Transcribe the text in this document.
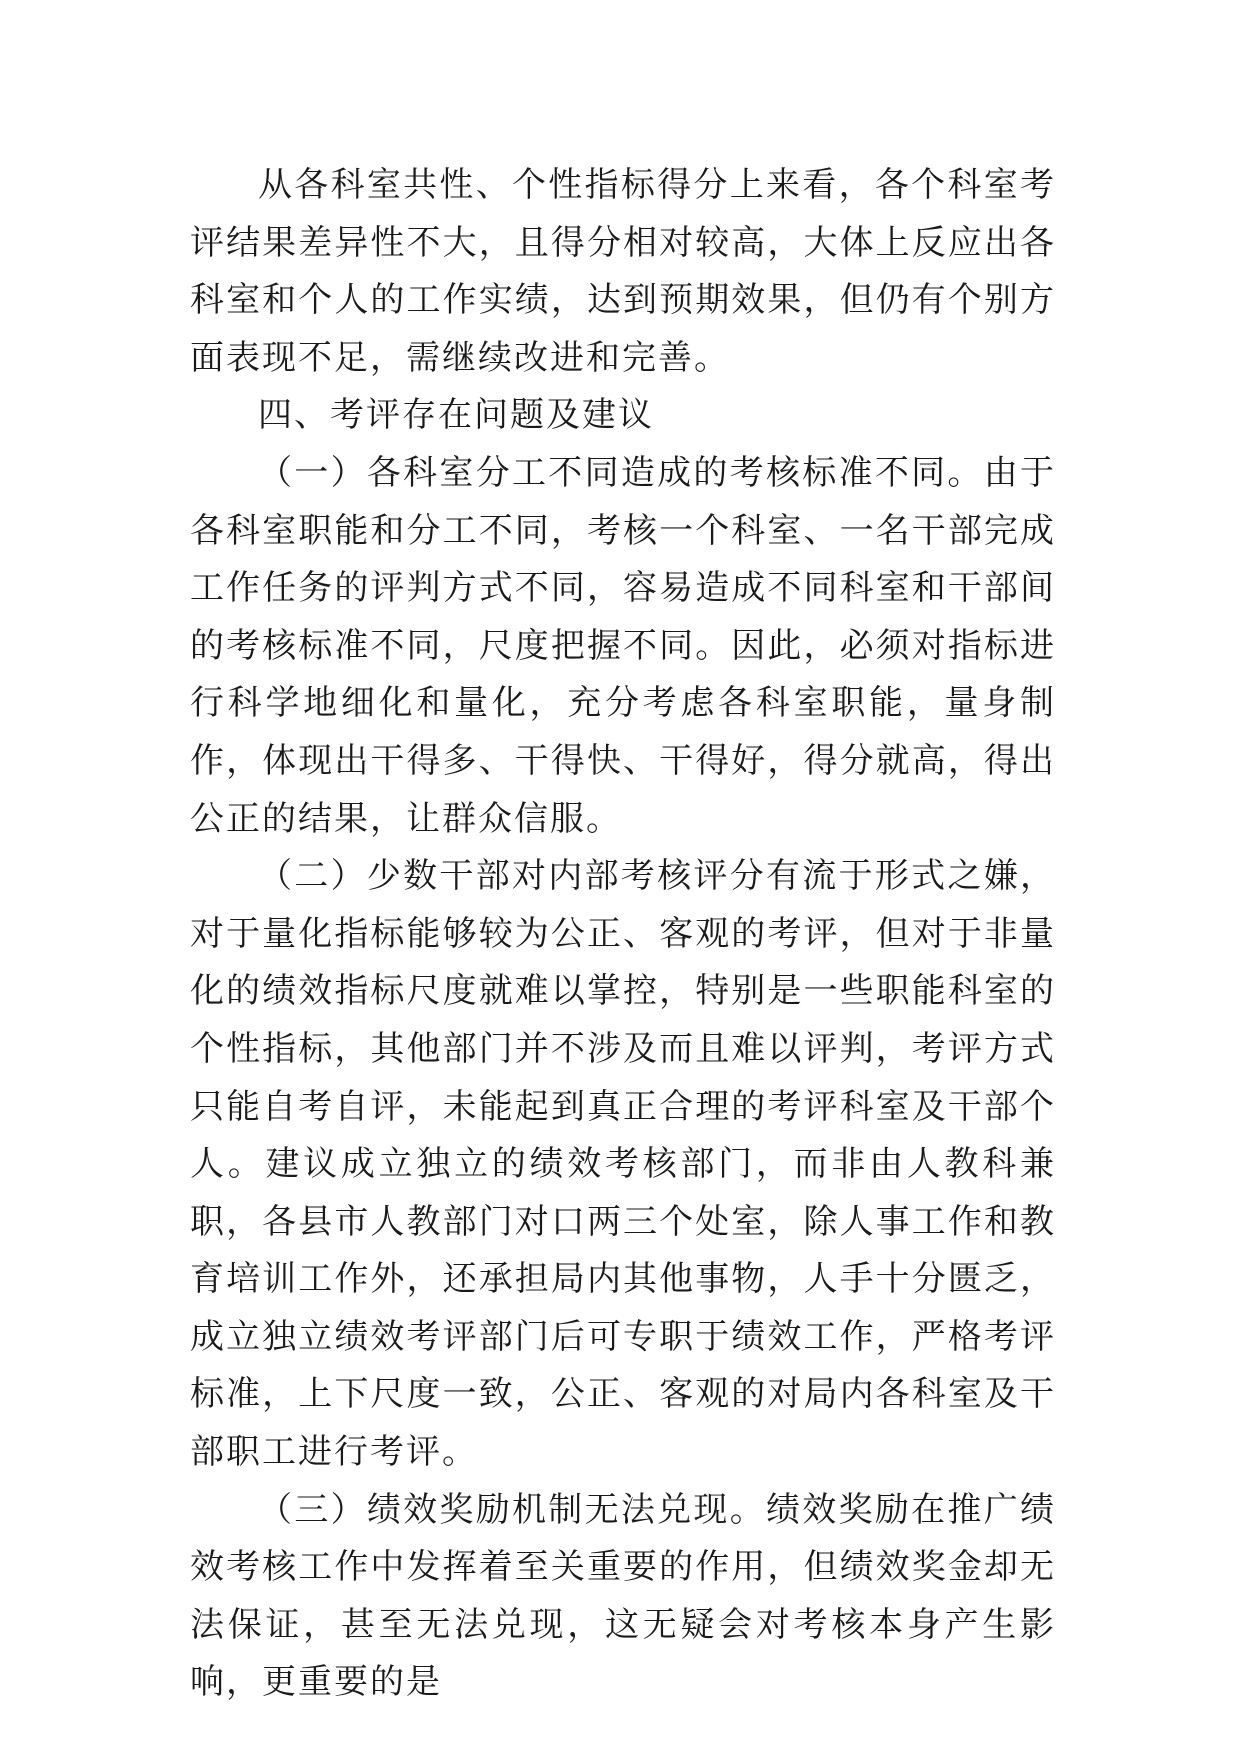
从各科室共性、个性指标得分上来看，各个科室考评结果差异性不大，且得分相对较高，大体上反应出各科室和个人的工作实绩，达到预期效果，但仍有个别方面表现不足，需继续改进和完善。

四、考评存在问题及建议

（一）各科室分工不同造成的考核标准不同。由于各科室职能和分工不同，考核一个科室、一名干部完成工作任务的评判方式不同，容易造成不同科室和干部间的考核标准不同，尺度把握不同。因此，必须对指标进行科学地细化和量化，充分考虑各科室职能，量身制作，体现出干得多、干得快、干得好，得分就高，得出公正的结果，让群众信服。

（二）少数干部对内部考核评分有流于形式之嫌，对于量化指标能够较为公正、客观的考评，但对于非量化的绩效指标尺度就难以掌控，特别是一些职能科室的个性指标，其他部门并不涉及而且难以评判，考评方式只能自考自评，未能起到真正合理的考评科室及干部个人。建议成立独立的绩效考核部门，而非由人教科兼职，各县市人教部门对口两三个处室，除人事工作和教育培训工作外，还承担局内其他事物，人手十分匮乏，成立独立绩效考评部门后可专职于绩效工作，严格考评标准，上下尺度一致，公正、客观的对局内各科室及干部职工进行考评。

（三）绩效奖励机制无法兑现。绩效奖励在推广绩效考核工作中发挥着至关重要的作用，但绩效奖金却无法保证，甚至无法兑现，这无疑会对考核本身产生影响，更重要的是
